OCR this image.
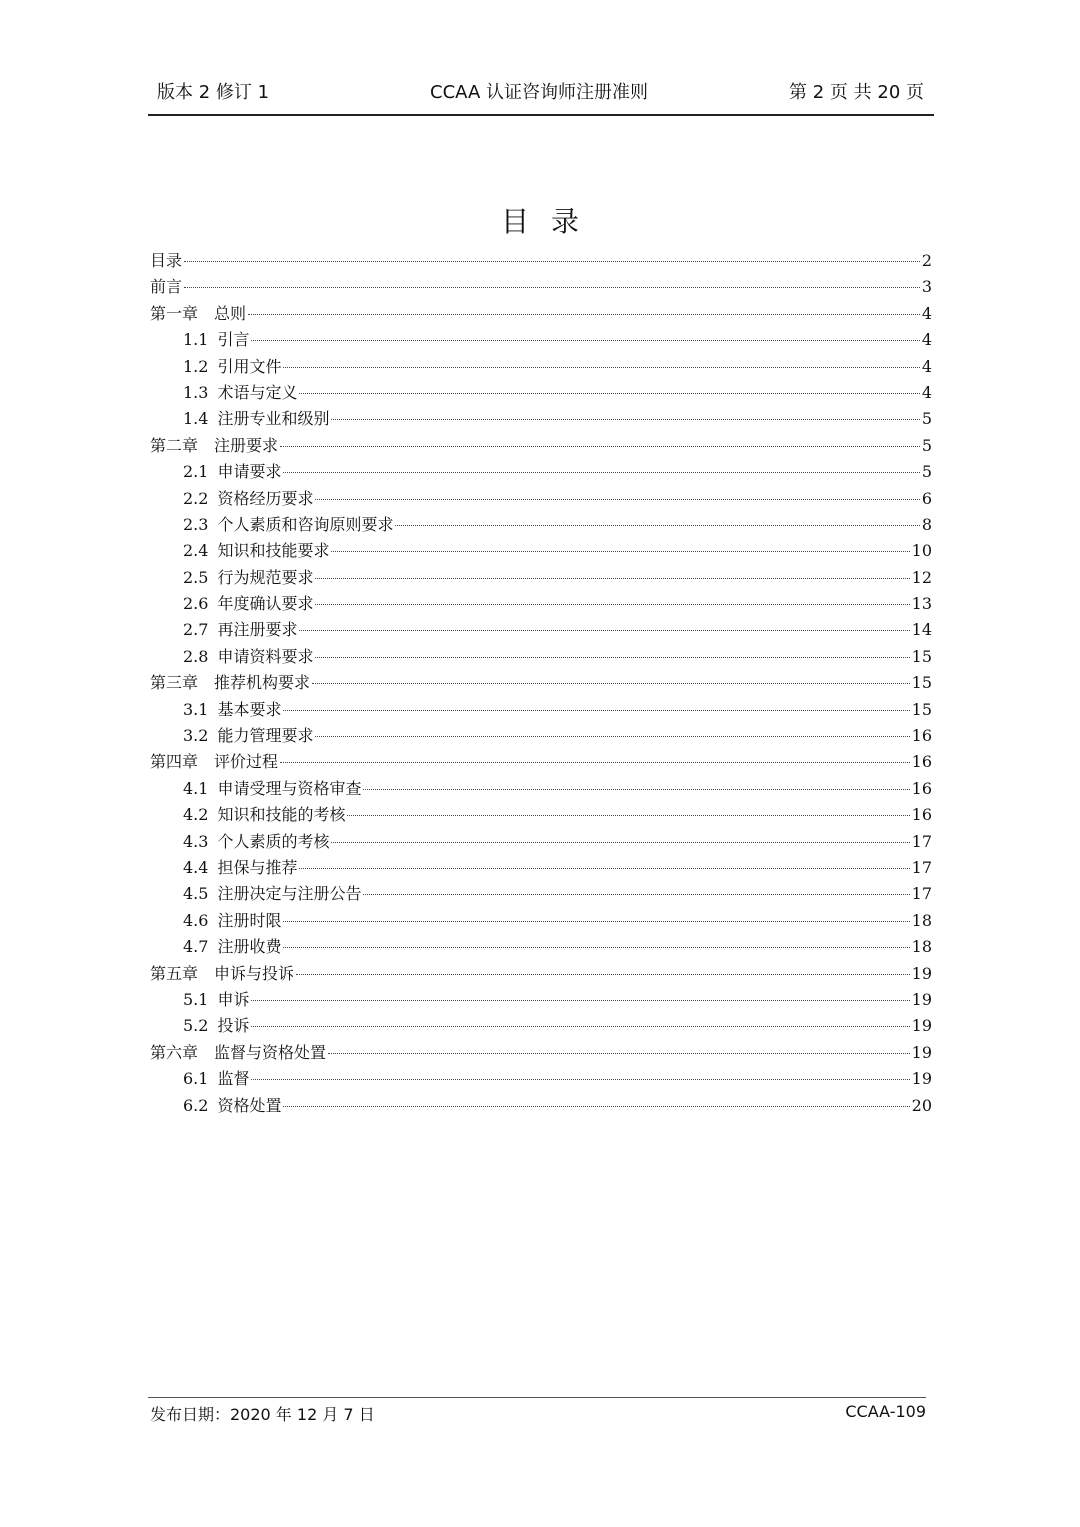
版本 2 修订 1	CCAA 认证咨询师注册准则	第 2 页 共 20 页
目录
目录	2
前言	3
第一章 总则	4
1.1 引言	4
1.2 引用文件	4
1.3 术语与定义	4
1.4 注册专业和级别	5
第二章 注册要求	5
2.1 申请要求	5
2.2 资格经历要求	6
2.3 个人素质和咨询原则要求	8
2.4 知识和技能要求	10
2.5 行为规范要求	12
2.6 年度确认要求	13
2.7 再注册要求	14
2.8 申请资料要求	15
第三章 推荐机构要求	15
3.1 基本要求	15
3.2 能力管理要求	16
第四章 评价过程	16
4.1 申请受理与资格审查	16
4.2 知识和技能的考核	16
4.3 个人素质的考核	17
4.4 担保与推荐	17
4.5 注册决定与注册公告	17
4.6 注册时限	18
4.7 注册收费	18
第五章 申诉与投诉	19
5.1 申诉	19
5.2 投诉	19
第六章 监督与资格处置	19
6.1 监督	19
6.2 资格处置	20
发布日期：2020 年 12 月 7 日	CCAA-109
